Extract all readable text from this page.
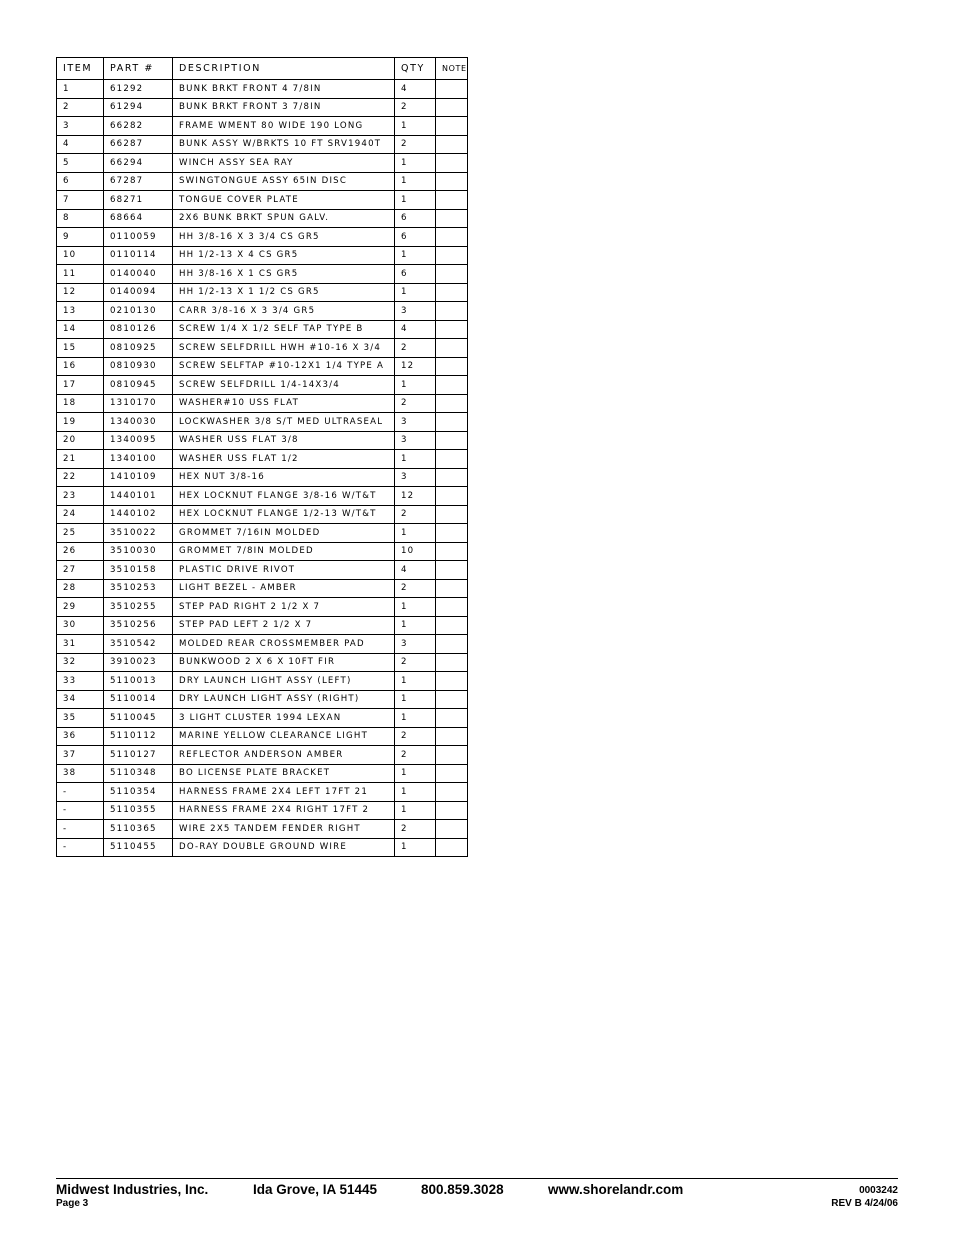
ITEM	PART #	DESCRIPTION	QTY	NOTE
1	61292	BUNK BRKT FRONT 4 7/8IN	4	
2	61294	BUNK BRKT FRONT 3 7/8IN	2	
3	66282	FRAME WMENT 80 WIDE 190 LONG	1	
4	66287	BUNK ASSY W/BRKTS 10 FT SRV1940T	2	
5	66294	WINCH ASSY SEA RAY	1	
6	67287	SWINGTONGUE ASSY 65IN DISC	1	
7	68271	TONGUE COVER PLATE	1	
8	68664	2X6 BUNK BRKT SPUN GALV.	6	
9	0110059	HH 3/8-16 X 3 3/4 CS GR5	6	
10	0110114	HH 1/2-13 X 4 CS GR5	1	
11	0140040	HH 3/8-16 X 1 CS GR5	6	
12	0140094	HH 1/2-13 X 1 1/2 CS GR5	1	
13	0210130	CARR 3/8-16 X 3 3/4 GR5	3	
14	0810126	SCREW 1/4 X 1/2 SELF TAP TYPE B	4	
15	0810925	SCREW SELFDRILL HWH #10-16 X 3/4	2	
16	0810930	SCREW SELFTAP #10-12X1 1/4 TYPE A	12	
17	0810945	SCREW SELFDRILL 1/4-14X3/4	1	
18	1310170	WASHER#10 USS FLAT	2	
19	1340030	LOCKWASHER 3/8 S/T MED ULTRASEAL	3	
20	1340095	WASHER USS FLAT 3/8	3	
21	1340100	WASHER USS FLAT 1/2	1	
22	1410109	HEX NUT 3/8-16	3	
23	1440101	HEX LOCKNUT FLANGE 3/8-16 W/T&T	12	
24	1440102	HEX LOCKNUT FLANGE 1/2-13 W/T&T	2	
25	3510022	GROMMET 7/16IN MOLDED	1	
26	3510030	GROMMET 7/8IN MOLDED	10	
27	3510158	PLASTIC DRIVE RIVOT	4	
28	3510253	LIGHT BEZEL - AMBER	2	
29	3510255	STEP PAD RIGHT 2 1/2 X 7	1	
30	3510256	STEP PAD LEFT 2 1/2 X 7	1	
31	3510542	MOLDED REAR CROSSMEMBER PAD	3	
32	3910023	BUNKWOOD 2 X 6 X 10FT FIR	2	
33	5110013	DRY LAUNCH LIGHT ASSY (LEFT)	1	
34	5110014	DRY LAUNCH LIGHT ASSY (RIGHT)	1	
35	5110045	3 LIGHT CLUSTER 1994 LEXAN	1	
36	5110112	MARINE YELLOW CLEARANCE LIGHT	2	
37	5110127	REFLECTOR ANDERSON AMBER	2	
38	5110348	BO LICENSE PLATE BRACKET	1	
-	5110354	HARNESS FRAME 2X4 LEFT 17FT 21	1	
-	5110355	HARNESS FRAME 2X4 RIGHT 17FT 2	1	
-	5110365	WIRE 2X5 TANDEM FENDER RIGHT	2	
-	5110455	DO-RAY DOUBLE GROUND WIRE	1	
Midwest Industries, Inc.	Ida Grove, IA 51445	800.859.3028	www.shorelandr.com	0003242
Page 3	REV B 4/24/06
